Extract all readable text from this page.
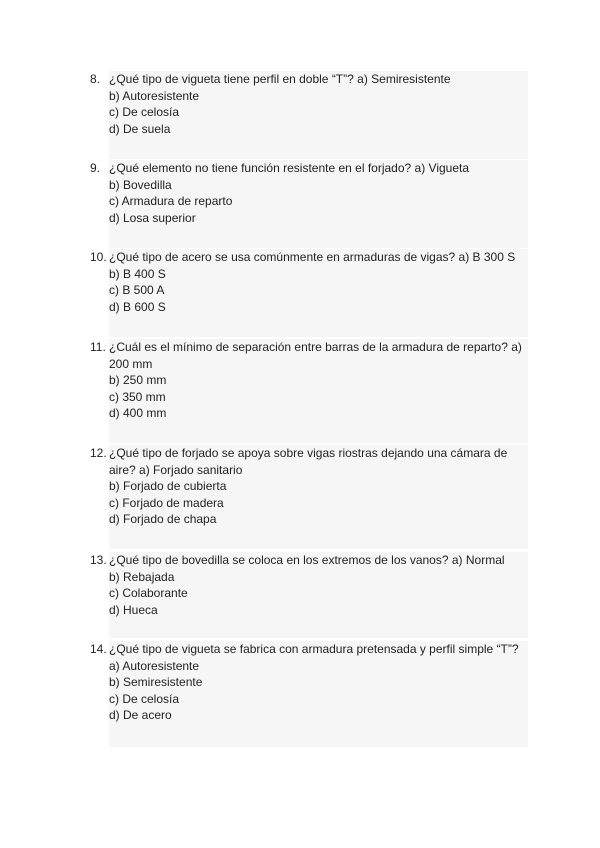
8. ¿Qué tipo de vigueta tiene perfil en doble “T”? a) Semiresistente
b) Autoresistente
c) De celosía
d) De suela
9. ¿Qué elemento no tiene función resistente en el forjado? a) Vigueta
b) Bovedilla
c) Armadura de reparto
d) Losa superior
10. ¿Qué tipo de acero se usa comúnmente en armaduras de vigas? a) B 300 S
b) B 400 S
c) B 500 A
d) B 600 S
11. ¿Cuál es el mínimo de separación entre barras de la armadura de reparto? a) 200 mm
b) 250 mm
c) 350 mm
d) 400 mm
12. ¿Qué tipo de forjado se apoya sobre vigas riostras dejando una cámara de aire? a) Forjado sanitario
b) Forjado de cubierta
c) Forjado de madera
d) Forjado de chapa
13. ¿Qué tipo de bovedilla se coloca en los extremos de los vanos? a) Normal
b) Rebajada
c) Colaborante
d) Hueca
14. ¿Qué tipo de vigueta se fabrica con armadura pretensada y perfil simple “T”?
a) Autoresistente
b) Semiresistente
c) De celosía
d) De acero
